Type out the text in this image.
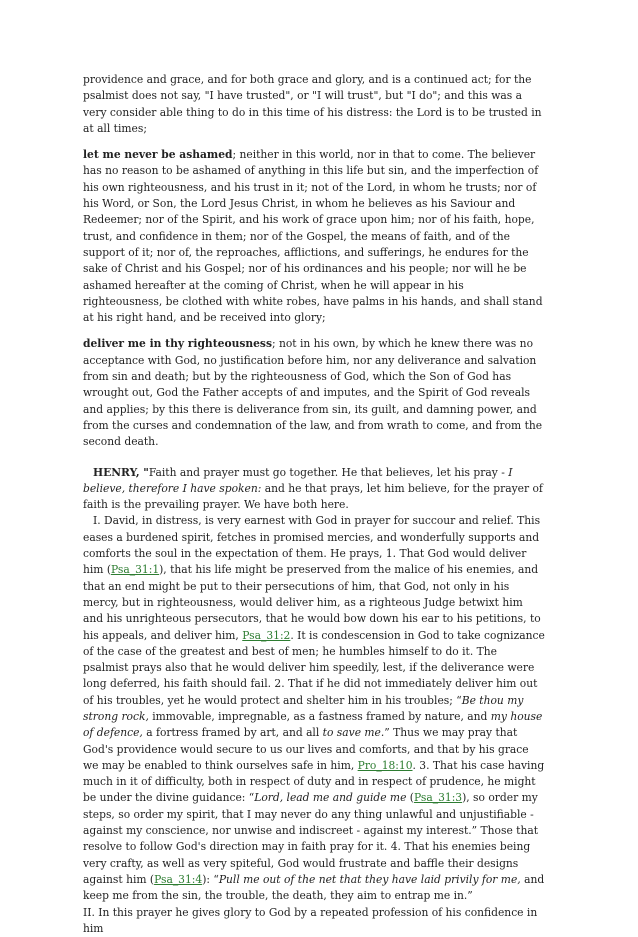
providence and grace, and for both grace and glory, and is a continued act; for the psalmist does not say, "I have trusted", or "I will trust", but "I do"; and this was a very consider able thing to do in this time of his distress: the Lord is to be trusted in at all times;

let me never be ashamed; neither in this world, nor in that to come. The believer has no reason to be ashamed of anything in this life but sin, and the imperfection of his own righteousness, and his trust in it; not of the Lord, in whom he trusts; nor of his Word, or Son, the Lord Jesus Christ, in whom he believes as his Saviour and Redeemer; nor of the Spirit, and his work of grace upon him; nor of his faith, hope, trust, and confidence in them; nor of the Gospel, the means of faith, and of the support of it; nor of, the reproaches, afflictions, and sufferings, he endures for the sake of Christ and his Gospel; nor of his ordinances and his people; nor will he be ashamed hereafter at the coming of Christ, when he will appear in his righteousness, be clothed with white robes, have palms in his hands, and shall stand at his right hand, and be received into glory;

deliver me in thy righteousness; not in his own, by which he knew there was no acceptance with God, no justification before him, nor any deliverance and salvation from sin and death; but by the righteousness of God, which the Son of God has wrought out, God the Father accepts of and imputes, and the Spirit of God reveals and applies; by this there is deliverance from sin, its guilt, and damning power, and from the curses and condemnation of the law, and from wrath to come, and from the second death.

HENRY, "Faith and prayer must go together. He that believes, let his pray - I believe, therefore I have spoken: and he that prays, let him believe, for the prayer of faith is the prevailing prayer. We have both here.

I. David, in distress, is very earnest with God in prayer for succour and relief. This eases a burdened spirit, fetches in promised mercies, and wonderfully supports and comforts the soul in the expectation of them. He prays, 1. That God would deliver him (Psa_31:1), that his life might be preserved from the malice of his enemies, and that an end might be put to their persecutions of him, that God, not only in his mercy, but in righteousness, would deliver him, as a righteous Judge betwixt him and his unrighteous persecutors, that he would bow down his ear to his petitions, to his appeals, and deliver him, Psa_31:2. It is condescension in God to take cognizance of the case of the greatest and best of men; he humbles himself to do it. The psalmist prays also that he would deliver him speedily, lest, if the deliverance were long deferred, his faith should fail. 2. That if he did not immediately deliver him out of his troubles, yet he would protect and shelter him in his troubles; “Be thou my strong rock, immovable, impregnable, as a fastness framed by nature, and my house of defence, a fortress framed by art, and all to save me.” Thus we may pray that God's providence would secure to us our lives and comforts, and that by his grace we may be enabled to think ourselves safe in him, Pro_18:10. 3. That his case having much in it of difficulty, both in respect of duty and in respect of prudence, he might be under the divine guidance: “Lord, lead me and guide me (Psa_31:3), so order my steps, so order my spirit, that I may never do any thing unlawful and unjustifiable - against my conscience, nor unwise and indiscreet - against my interest.” Those that resolve to follow God's direction may in faith pray for it. 4. That his enemies being very crafty, as well as very spiteful, God would frustrate and baffle their designs against him (Psa_31:4): “Pull me out of the net that they have laid privily for me, and keep me from the sin, the trouble, the death, they aim to entrap me in.”

II. In this prayer he gives glory to God by a repeated profession of his confidence in him
